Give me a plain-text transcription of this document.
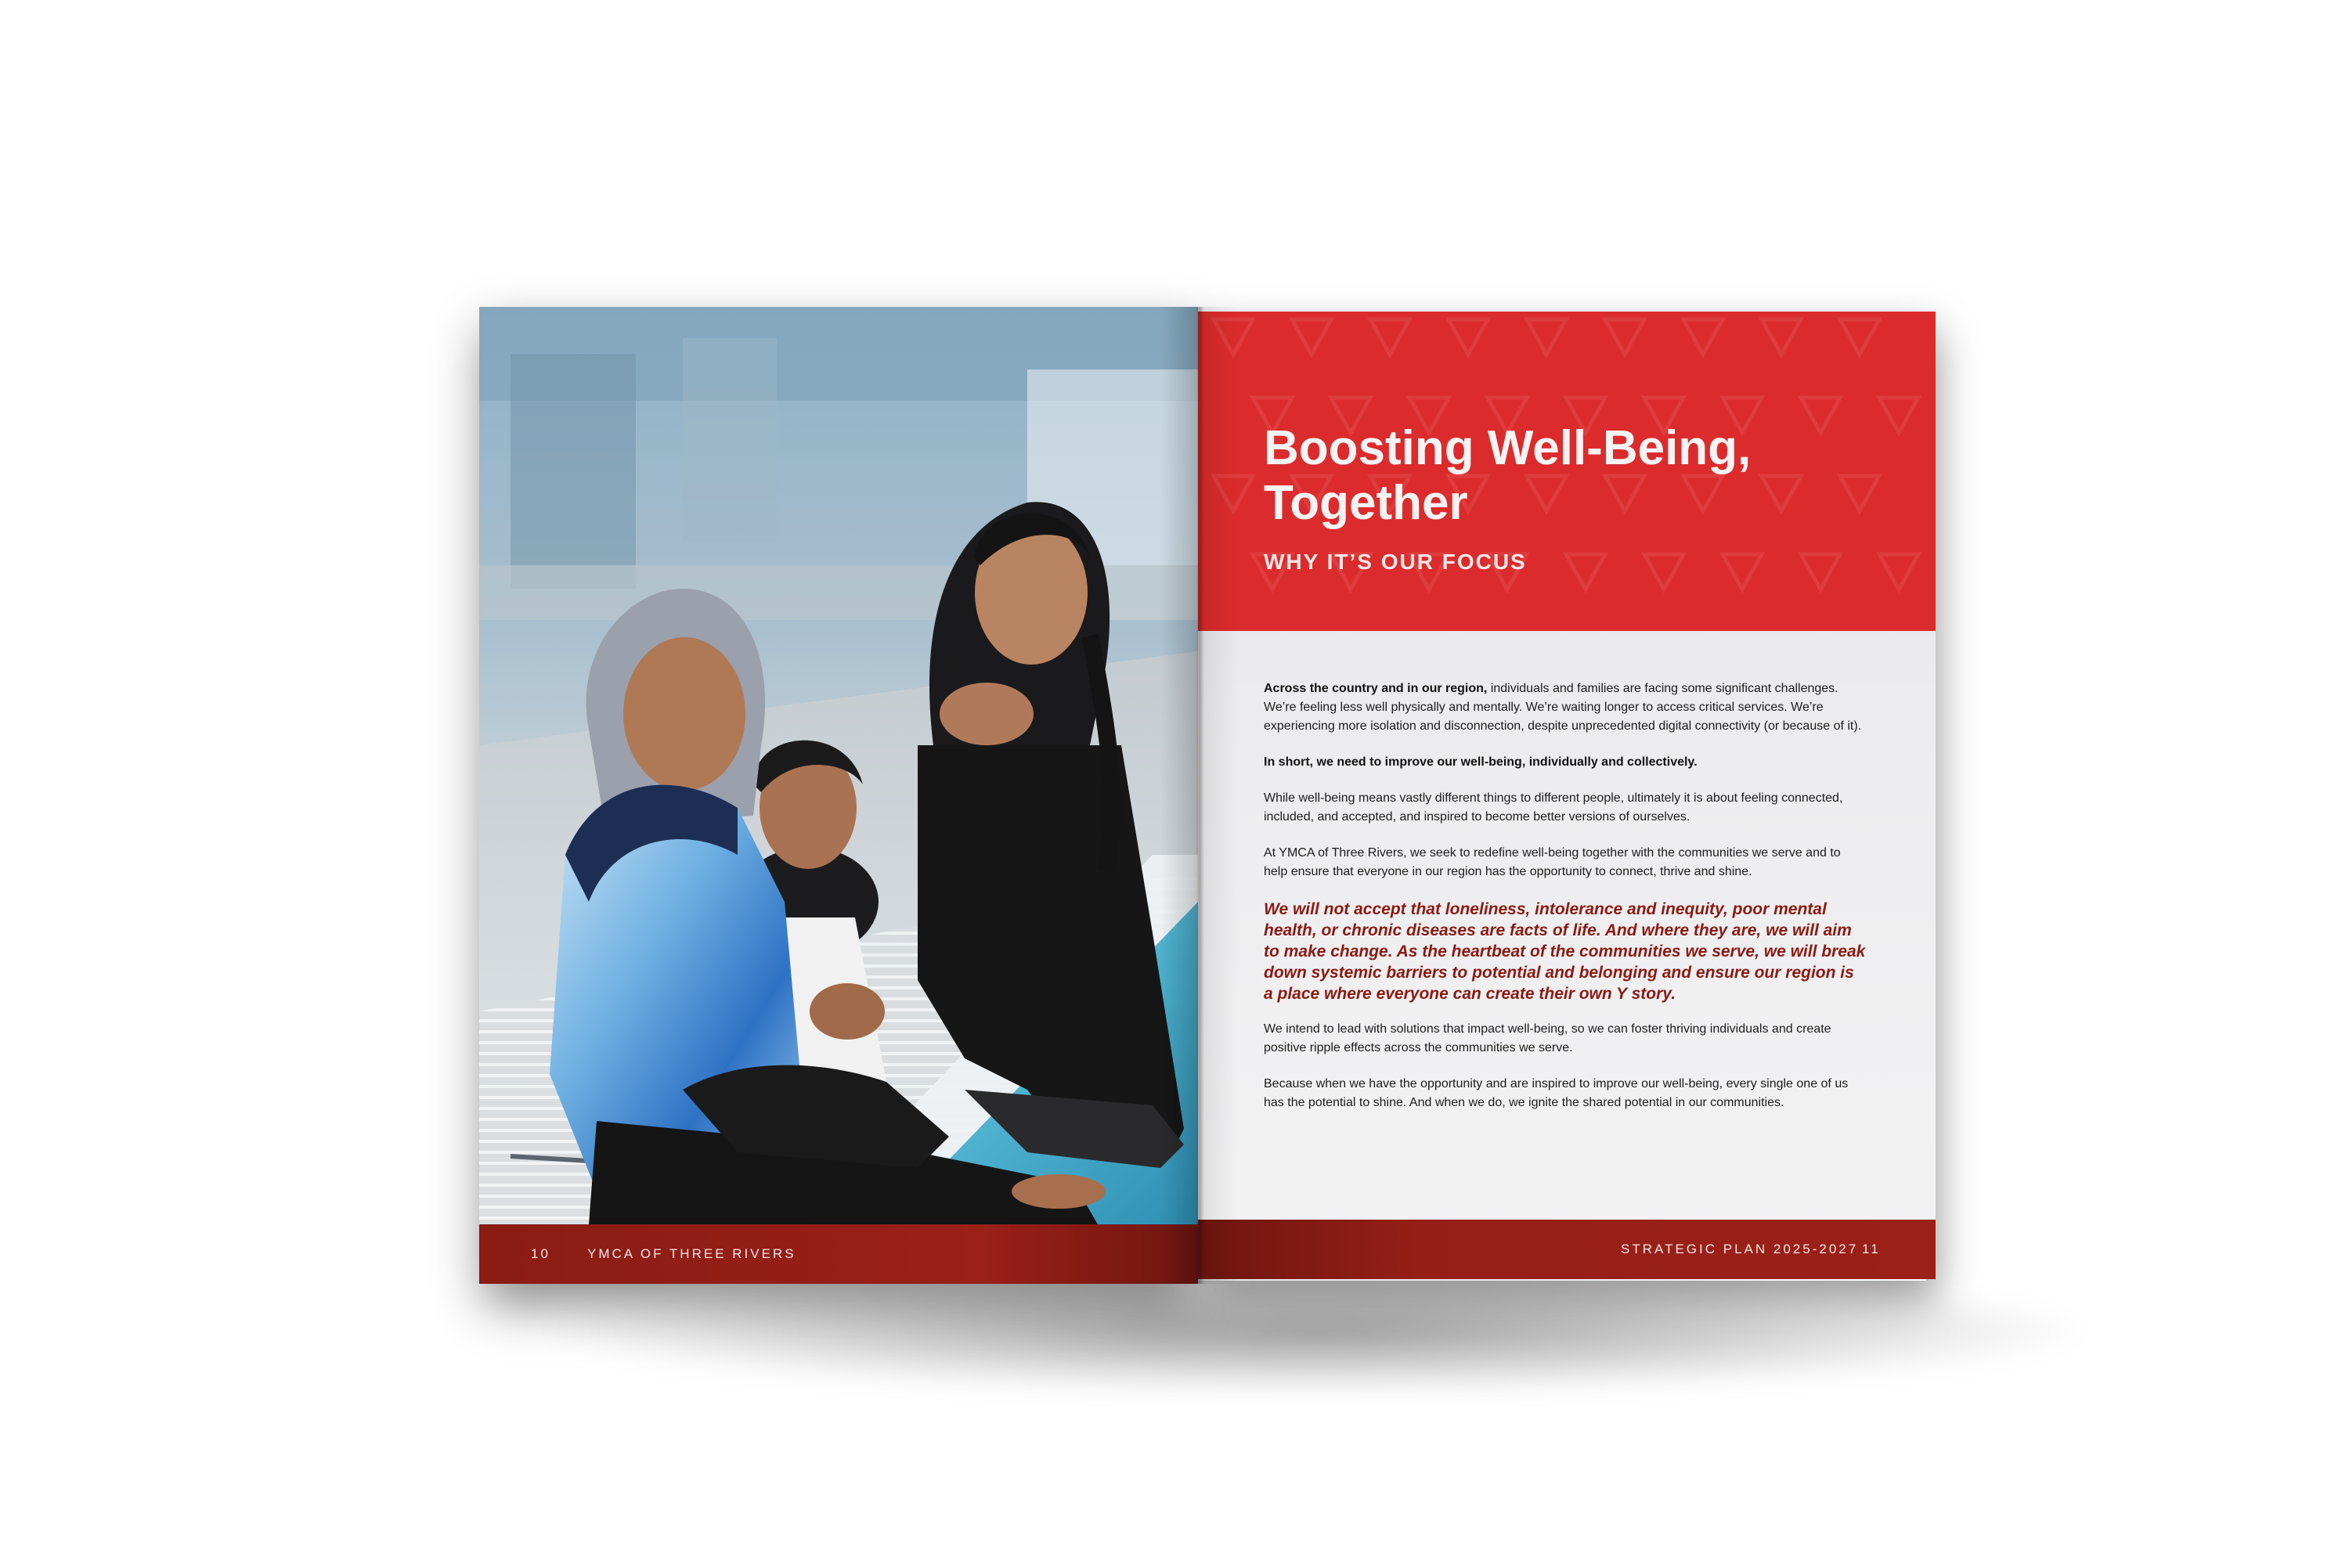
10	YMCA OF THREE RIVERS
Boosting Well-Being,
Together
WHY IT’S OUR FOCUS

Across the country and in our region, individuals and families are facing some significant challenges. We’re feeling less well physically and mentally. We’re waiting longer to access critical services. We’re experiencing more isolation and disconnection, despite unprecedented digital connectivity (or because of it).

In short, we need to improve our well-being, individually and collectively.

While well-being means vastly different things to different people, ultimately it is about feeling connected, included, and accepted, and inspired to become better versions of ourselves.

At YMCA of Three Rivers, we seek to redefine well-being together with the communities we serve and to help ensure that everyone in our region has the opportunity to connect, thrive and shine.

We will not accept that loneliness, intolerance and inequity, poor mental health, or chronic diseases are facts of life. And where they are, we will aim to make change. As the heartbeat of the communities we serve, we will break down systemic barriers to potential and belonging and ensure our region is a place where everyone can create their own Y story.

We intend to lead with solutions that impact well-being, so we can foster thriving individuals and create positive ripple effects across the communities we serve.

Because when we have the opportunity and are inspired to improve our well-being, every single one of us has the potential to shine. And when we do, we ignite the shared potential in our communities.

STRATEGIC PLAN 2025-2027 11
